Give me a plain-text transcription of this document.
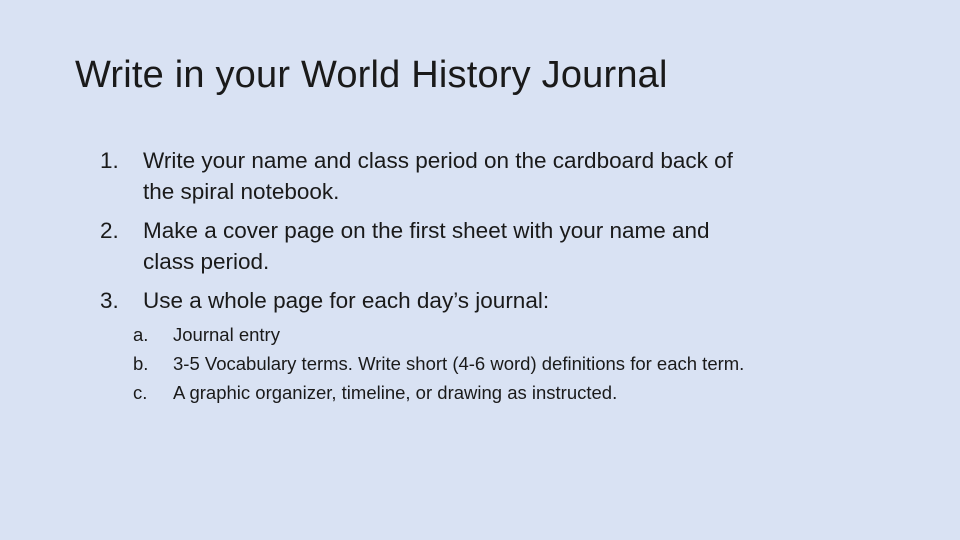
Write in your World History Journal
1.	Write your name and class period on the cardboard back of the spiral notebook.
2.	Make a cover page on the first sheet with your name and class period.
3.	Use a whole page for each day’s journal:
a.	Journal entry
b.	3-5 Vocabulary terms. Write short (4-6 word) definitions for each term.
c.	A graphic organizer, timeline, or drawing as instructed.
